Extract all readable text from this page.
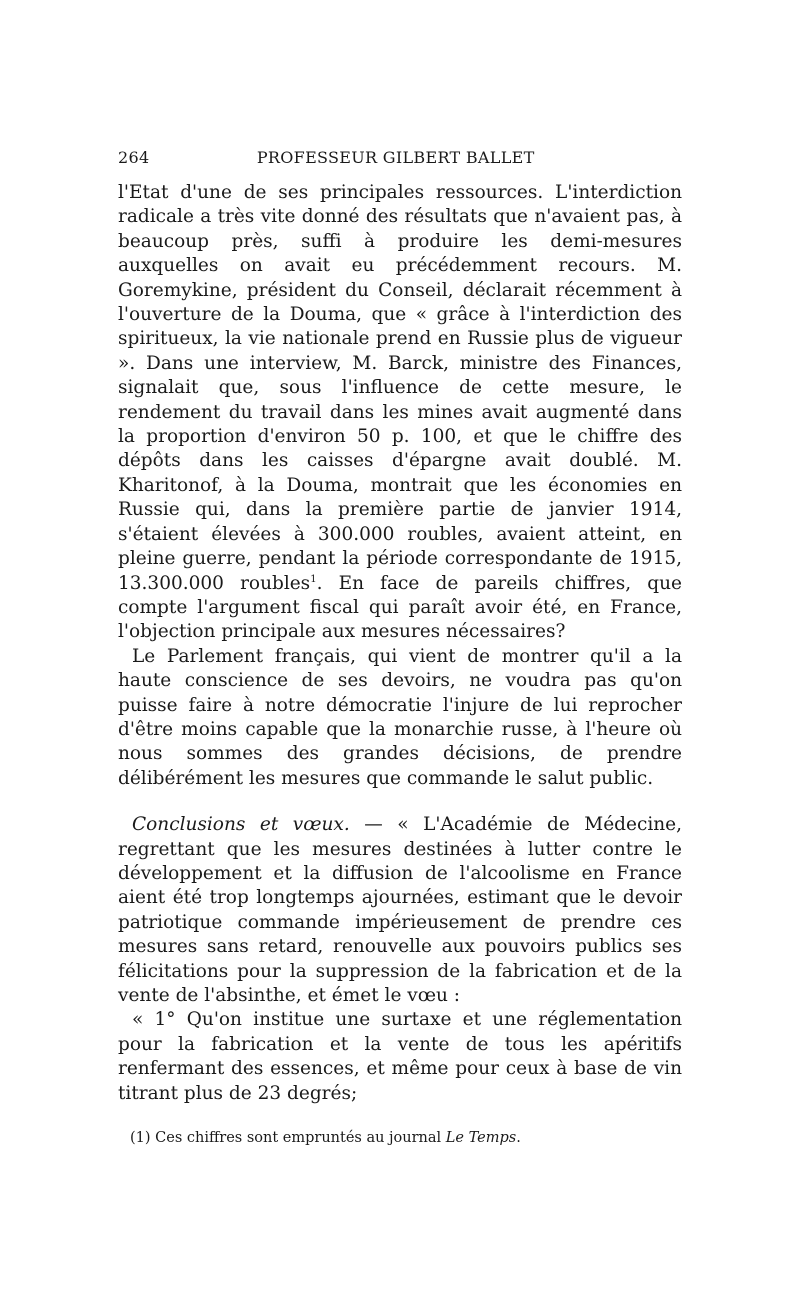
264	PROFESSEUR GILBERT BALLET

l'Etat d'une de ses principales ressources. L'interdiction radicale a très vite donné des résultats que n'avaient pas, à beaucoup près, suffi à produire les demi-mesures auxquelles on avait eu précédemment recours. M. Goremykine, président du Conseil, déclarait récemment à l'ouverture de la Douma, que « grâce à l'interdiction des spiritueux, la vie nationale prend en Russie plus de vigueur ». Dans une interview, M. Barck, ministre des Finances, signalait que, sous l'influence de cette mesure, le rendement du travail dans les mines avait augmenté dans la proportion d'environ 50 p. 100, et que le chiffre des dépôts dans les caisses d'épargne avait doublé. M. Kharitonof, à la Douma, montrait que les économies en Russie qui, dans la première partie de janvier 1914, s'étaient élevées à 300.000 roubles, avaient atteint, en pleine guerre, pendant la période correspondante de 1915, 13.300.000 roubles$^1$. En face de pareils chiffres, que compte l'argument fiscal qui paraît avoir été, en France, l'objection principale aux mesures nécessaires?

Le Parlement français, qui vient de montrer qu'il a la haute conscience de ses devoirs, ne voudra pas qu'on puisse faire à notre démocratie l'injure de lui reprocher d'être moins capable que la monarchie russe, à l'heure où nous sommes des grandes décisions, de prendre délibérément les mesures que commande le salut public.

Conclusions et vœux. — « L'Académie de Médecine, regrettant que les mesures destinées à lutter contre le développement et la diffusion de l'alcoolisme en France aient été trop longtemps ajournées, estimant que le devoir patriotique commande impérieusement de prendre ces mesures sans retard, renouvelle aux pouvoirs publics ses félicitations pour la suppression de la fabrication et de la vente de l'absinthe, et émet le vœu :

« 1° Qu'on institue une surtaxe et une réglementation pour la fabrication et la vente de tous les apéritifs renfermant des essences, et même pour ceux à base de vin titrant plus de 23 degrés;

(1) Ces chiffres sont empruntés au journal Le Temps.
